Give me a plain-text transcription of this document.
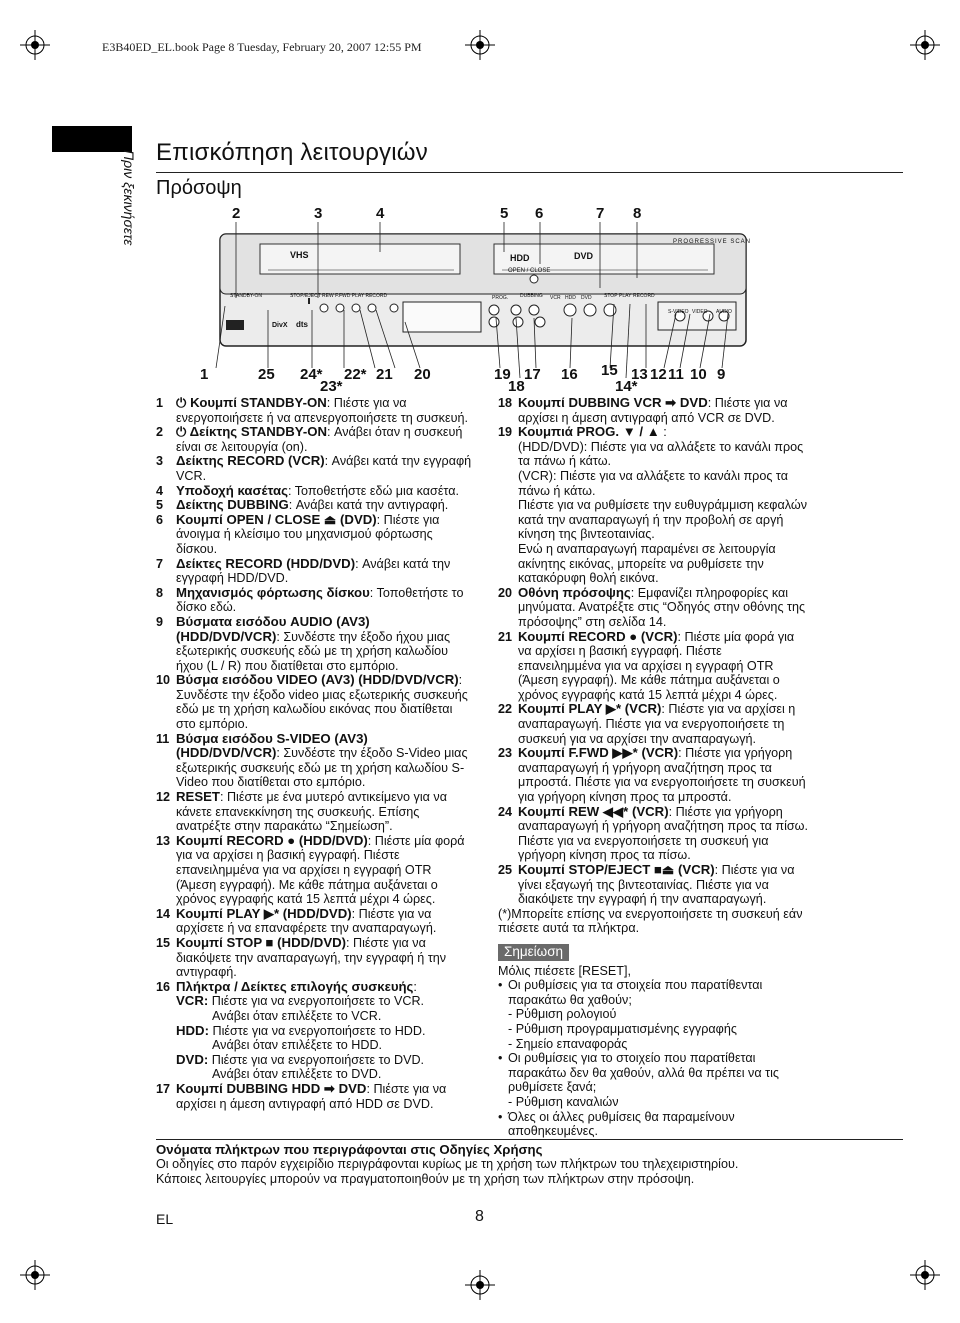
E3B40ED_EL.book Page 8 Tuesday, February 20, 2007 12:55 PM
Πριν ξεκινήσετε Επισκόπηση λειτουργιών
Πρόσοψη
2	3	4	5 6	7 8
VHS	HDD	DVD
OPEN / CLOSE
PROGRESSIVE SCAN
STANDBY-ON	STOP/EJECT REW F.FWD PLAY RECORD	PROG. DUBBING VCR HDD DVD STOP PLAY RECORD
S-VIDEO VIDEO AUDIO
DivX dts
1	25 24* 22* 21 20	19 17 16 15 13 12 11 10 9
23*	18	14*

1 ⏻ Κουμπί STANDBY-ON: Πιέστε για να ενεργοποιήσετε ή να απενεργοποιήσετε τη συσκευή.

2 ⏻ Δείκτης STANDBY-ON: Ανάβει όταν η συσκευή είναι σε λειτουργία (on).

3 Δείκτης RECORD (VCR): Ανάβει κατά την εγγραφή VCR.

4 Υποδοχή κασέτας: Τοποθετήστε εδώ μια κασέτα.

5 Δείκτης DUBBING: Ανάβει κατά την αντιγραφή.

6 Κουμπί OPEN / CLOSE ⏏ (DVD): Πιέστε για άνοιγμα ή κλείσιμο του μηχανισμού φόρτωσης δίσκου.

7 Δείκτες RECORD (HDD/DVD): Ανάβει κατά την εγγραφή HDD/DVD.

8 Μηχανισμός φόρτωσης δίσκου: Τοποθετήστε το δίσκο εδώ.

9 Βύσματα εισόδου AUDIO (AV3) (HDD/DVD/VCR): Συνδέστε την έξοδο ήχου μιας εξωτερικής συσκευής εδώ με τη χρήση καλωδίου ήχου (L / R) που διατίθεται στο εμπόριο.

10 Βύσμα εισόδου VIDEO (AV3) (HDD/DVD/VCR): Συνδέστε την έξοδο video μιας εξωτερικής συσκευής εδώ με τη χρήση καλωδίου εικόνας που διατίθεται στο εμπόριο.

11 Βύσμα εισόδου S-VIDEO (AV3) (HDD/DVD/VCR): Συνδέστε την έξοδο S-Video μιας εξωτερικής συσκευής εδώ με τη χρήση καλωδίου S-Video που διατίθεται στο εμπόριο.

12 RESET: Πιέστε με ένα μυτερό αντικείμενο για να κάνετε επανεκκίνηση της συσκευής. Επίσης ανατρέξτε στην παρακάτω “Σημείωση”.

13 Κουμπί RECORD ● (HDD/DVD): Πιέστε μία φορά για να αρχίσει η βασική εγγραφή. Πιέστε επανειλημμένα για να αρχίσει η εγγραφή OTR (Άμεση εγγραφή). Με κάθε πάτημα αυξάνεται ο χρόνος εγγραφής κατά 15 λεπτά μέχρι 4 ώρες.

14 Κουμπί PLAY ▶* (HDD/DVD): Πιέστε για να αρχίσετε ή να επαναφέρετε την αναπαραγωγή.

15 Κουμπί STOP ■ (HDD/DVD): Πιέστε για να διακόψετε την αναπαραγωγή, την εγγραφή ή την αντιγραφή.

16 Πλήκτρα / Δείκτες επιλογής συσκευής:

VCR: Πιέστε για να ενεργοποιήσετε το VCR.

Ανάβει όταν επιλέξετε το VCR.

HDD: Πιέστε για να ενεργοποιήσετε το HDD.

Ανάβει όταν επιλέξετε το HDD.

DVD: Πιέστε για να ενεργοποιήσετε το DVD.

Ανάβει όταν επιλέξετε το DVD.

17 Κουμπί DUBBING HDD ➡ DVD: Πιέστε για να αρχίσει η άμεση αντιγραφή από HDD σε DVD.

18 Κουμπί DUBBING VCR ➡ DVD: Πιέστε για να αρχίσει η άμεση αντιγραφή από VCR σε DVD.

19 Κουμπιά PROG. ▼ / ▲ :

(HDD/DVD): Πιέστε για να αλλάξετε το κανάλι προς τα πάνω ή κάτω.

(VCR): Πιέστε για να αλλάξετε το κανάλι προς τα πάνω ή κάτω.

Πιέστε για να ρυθμίσετε την ευθυγράμμιση κεφαλών κατά την αναπαραγωγή ή την προβολή σε αργή κίνηση της βιντεοταινίας.

Ενώ η αναπαραγωγή παραμένει σε λειτουργία ακίνητης εικόνας, μπορείτε να ρυθμίσετε την κατακόρυφη θολή εικόνα.

20 Οθόνη πρόσοψης: Εμφανίζει πληροφορίες και μηνύματα. Ανατρέξτε στις “Οδηγός στην οθόνης της πρόσοψης” στη σελίδα 14.

21 Κουμπί RECORD ● (VCR): Πιέστε μία φορά για να αρχίσει η βασική εγγραφή. Πιέστε επανειλημμένα για να αρχίσει η εγγραφή OTR (Άμεση εγγραφή). Με κάθε πάτημα αυξάνεται ο χρόνος εγγραφής κατά 15 λεπτά μέχρι 4 ώρες.

22 Κουμπί PLAY ▶* (VCR): Πιέστε για να αρχίσει η αναπαραγωγή. Πιέστε για να ενεργοποιήσετε τη συσκευή για να αρχίσει την αναπαραγωγή.

23 Κουμπί F.FWD ▶▶* (VCR): Πιέστε για γρήγορη αναπαραγωγή ή γρήγορη αναζήτηση προς τα μπροστά. Πιέστε για να ενεργοποιήσετε τη συσκευή για γρήγορη κίνηση προς τα μπροστά.

24 Κουμπί REW ◀◀* (VCR): Πιέστε για γρήγορη αναπαραγωγή ή γρήγορη αναζήτηση προς τα πίσω. Πιέστε για να ενεργοποιήσετε τη συσκευή για γρήγορη κίνηση προς τα πίσω.

25 Κουμπί STOP/EJECT ■⏏ (VCR): Πιέστε για να γίνει εξαγωγή της βιντεοταινίας. Πιέστε για να διακόψετε την εγγραφή ή την αναπαραγωγή.

(*)Μπορείτε επίσης να ενεργοποιήσετε τη συσκευή εάν πιέσετε αυτά τα πλήκτρα.

Σημείωση

Μόλις πιέσετε [RESET],

• Οι ρυθμίσεις για τα στοιχεία που παρατίθενται παρακάτω θα χαθούν;

- Ρύθμιση ρολογιού

- Ρύθμιση προγραμματισμένης εγγραφής

- Σημείο επαναφοράς

• Οι ρυθμίσεις για το στοιχείο που παρατίθεται παρακάτω δεν θα χαθούν, αλλά θα πρέπει να τις ρυθμίσετε ξανά;

- Ρύθμιση καναλιών

• Όλες οι άλλες ρυθμίσεις θα παραμείνουν αποθηκευμένες.

Ονόματα πλήκτρων που περιγράφονται στις Οδηγίες Χρήσης
Οι οδηγίες στο παρόν εγχειρίδιο περιγράφονται κυρίως με τη χρήση των πλήκτρων του τηλεχειριστηρίου.
Κάποιες λειτουργίες μπορούν να πραγματοποιηθούν με τη χρήση των πλήκτρων στην πρόσοψη.
EL	8
